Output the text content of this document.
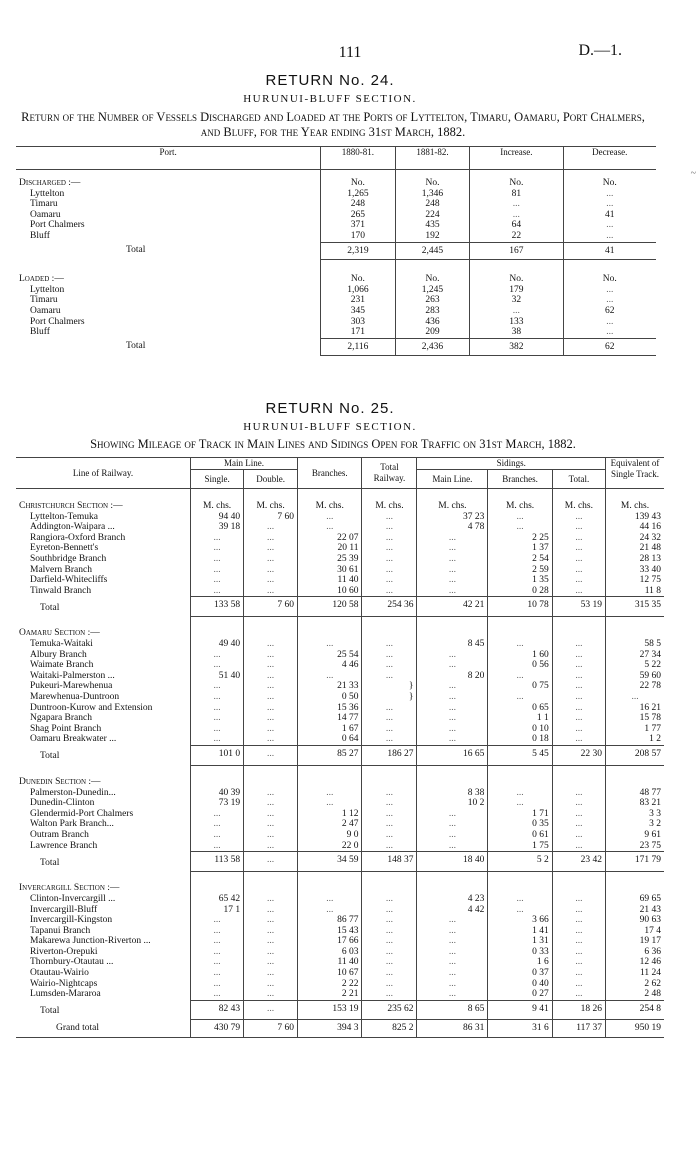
111	D.—1.
~
RETURN No. 24.
HURUNUI-BLUFF SECTION.
Return of the Number of Vessels Discharged and Loaded at the Ports of Lyttelton, Timaru, Oamaru, Port Chalmers, and Bluff, for the Year ending 31st March, 1882.
Port.	1880-81.	1881-82.	Increase.	Decrease.
Discharged :—	No.	No.	No.	No.
Lyttelton	1,265	1,346	81	...
Timaru	248	248	...	...
Oamaru	265	224	...	41
Port Chalmers	371	435	64	...
Bluff	170	192	22	...
Total	2,319	2,445	167	41
Loaded :—	No.	No.	No.	No.
Lyttelton	1,066	1,245	179	...
Timaru	231	263	32	...
Oamaru	345	283	...	62
Port Chalmers	303	436	133	...
Bluff	171	209	38	...
Total	2,116	2,436	382	62
RETURN No. 25.
HURUNUI-BLUFF SECTION.
Showing Mileage of Track in Main Lines and Sidings Open for Traffic on 31st March, 1882.
Line of Railway.	Main Line.		Branches.	Total Railway.	Sidings.			Equivalent of Single Track.
	Single.	Double.			Main Line.	Branches.	Total.	
Christchurch Section :—	M. chs.	M. chs.	M. chs.	M. chs.	M. chs.	M. chs.	M. chs.	M. chs.
Lyttelton-Temuka	94 40	7 60	...	...	37 23	...	...	139 43
Addington-Waipara ...	39 18	...	...	...	4 78	...	...	44 16
Rangiora-Oxford Branch	...	...	22 07	...	...	2 25	...	24 32
Eyreton-Bennett's	...	...	20 11	...	...	1 37	...	21 48
Southbridge Branch	...	...	25 39	...	...	2 54	...	28 13
Malvern Branch	...	...	30 61	...	...	2 59	...	33 40
Darfield-Whitecliffs	...	...	11 40	...	...	1 35	...	12 75
Tinwald Branch	...	...	10 60	...	...	0 28	...	11 8
Total	133 58	7 60	120 58	254 36	42 21	10 78	53 19	315 35
Oamaru Section :—								
Temuka-Waitaki	49 40	...	...	...	8 45	...	...	58 5
Albury Branch	...	...	25 54	...	...	1 60	...	27 34
Waimate Branch	...	...	4 46	...	...	0 56	...	5 22
Waitaki-Palmerston ...	51 40	...	...	...	8 20	...	...	59 60
Pukeuri-Marewhenua	...	...	21 33	}	...	0 75	...	22 78
Marewhenua-Duntroon	...	...	0 50	}	...	...	...	...
Duntroon-Kurow and Extension	...	...	15 36	...	...	0 65	...	16 21
Ngapara Branch	...	...	14 77	...	...	1 1	...	15 78
Shag Point Branch	...	...	1 67	...	...	0 10	...	1 77
Oamaru Breakwater ...	...	...	0 64	...	...	0 18	...	1 2
Total	101 0	...	85 27	186 27	16 65	5 45	22 30	208 57
Dunedin Section :—								
Palmerston-Dunedin...	40 39	...	...	...	8 38	...	...	48 77
Dunedin-Clinton	73 19	...	...	...	10 2	...	...	83 21
Glendermid-Port Chalmers	...	...	1 12	...	...	1 71	...	3 3
Walton Park Branch...	...	...	2 47	...	...	0 35	...	3 2
Outram Branch	...	...	9 0	...	...	0 61	...	9 61
Lawrence Branch	...	...	22 0	...	...	1 75	...	23 75
Total	113 58	...	34 59	148 37	18 40	5 2	23 42	171 79
Invercargill Section :—								
Clinton-Invercargill ...	65 42	...	...	...	4 23	...	...	69 65
Invercargill-Bluff	17 1	...	...	...	4 42	...	...	21 43
Invercargill-Kingston	...	...	86 77	...	...	3 66	...	90 63
Tapanui Branch	...	...	15 43	...	...	1 41	...	17 4
Makarewa Junction-Riverton ...	...	...	17 66	...	...	1 31	...	19 17
Riverton-Orepuki	...	...	6 03	...	...	0 33	...	6 36
Thornbury-Otautau ...	...	...	11 40	...	...	1 6	...	12 46
Otautau-Wairio	...	...	10 67	...	...	0 37	...	11 24
Wairio-Nightcaps	...	...	2 22	...	...	0 40	...	2 62
Lumsden-Mararoa	...	...	2 21	...	...	0 27	...	2 48
Total	82 43	...	153 19	235 62	8 65	9 41	18 26	254 8
Grand total	430 79	7 60	394 3	825 2	86 31	31 6	117 37	950 19
